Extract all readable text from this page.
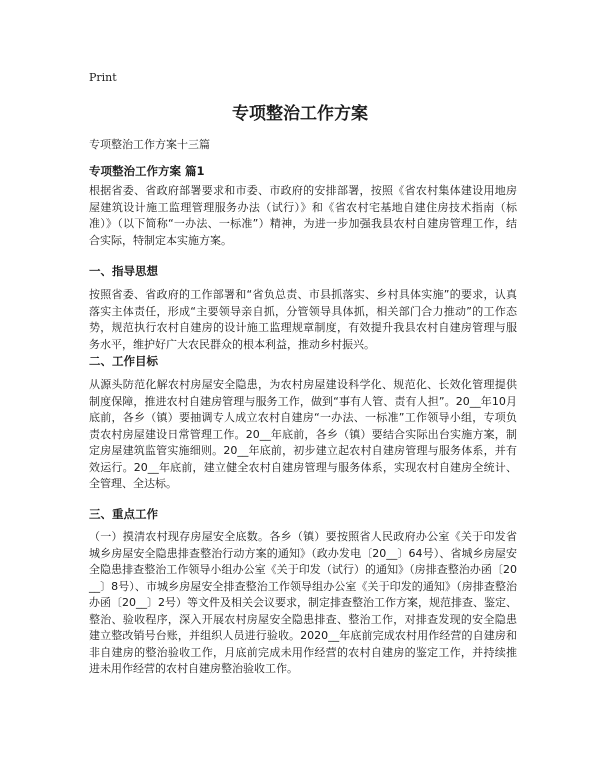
Print
专项整治工作方案

专项整治工作方案十三篇

专项整治工作方案 篇1

根据省委、省政府部署要求和市委、市政府的安排部署，按照《省农村集体建设用地房屋建筑设计施工监理管理服务办法（试行）》和《省农村宅基地自建住房技术指南（标准）》（以下简称“一办法、一标准”）精神，为进一步加强我县农村自建房管理工作，结合实际，特制定本实施方案。

一、指导思想

按照省委、省政府的工作部署和“省负总责、市县抓落实、乡村具体实施”的要求，认真落实主体责任，形成“主要领导亲自抓，分管领导具体抓，相关部门合力推动”的工作态势，规范执行农村自建房的设计施工监理规章制度，有效提升我县农村自建房管理与服务水平，维护好广大农民群众的根本利益，推动乡村振兴。

二、工作目标

从源头防范化解农村房屋安全隐患，为农村房屋建设科学化、规范化、长效化管理提供制度保障，推进农村自建房管理与服务工作，做到“事有人管、责有人担”。20__年10月底前，各乡（镇）要抽调专人成立农村自建房“一办法、一标准”工作领导小组，专项负责农村房屋建设日常管理工作。20__年底前，各乡（镇）要结合实际出台实施方案，制定房屋建筑监管实施细则。20__年底前，初步建立起农村自建房管理与服务体系，并有效运行。20__年底前，建立健全农村自建房管理与服务体系，实现农村自建房全统计、全管理、全达标。

三、重点工作

（一）摸清农村现存房屋安全底数。各乡（镇）要按照省人民政府办公室《关于印发省城乡房屋安全隐患排查整治行动方案的通知》（政办发电〔20__〕64号）、省城乡房屋安全隐患排查整治工作领导小组办公室《关于印发（试行）的通知》（房排查整治办函〔20__〕8号）、市城乡房屋安全排查整治工作领导组办公室《关于印发的通知》（房排查整治办函〔20__〕2号）等文件及相关会议要求，制定排查整治工作方案，规范排查、鉴定、整治、验收程序，深入开展农村房屋安全隐患排查、整治工作，对排查发现的安全隐患建立整改销号台账，并组织人员进行验收。2020__年底前完成农村用作经营的自建房和非自建房的整治验收工作，月底前完成未用作经营的农村自建房的鉴定工作，并持续推进未用作经营的农村自建房整治验收工作。
